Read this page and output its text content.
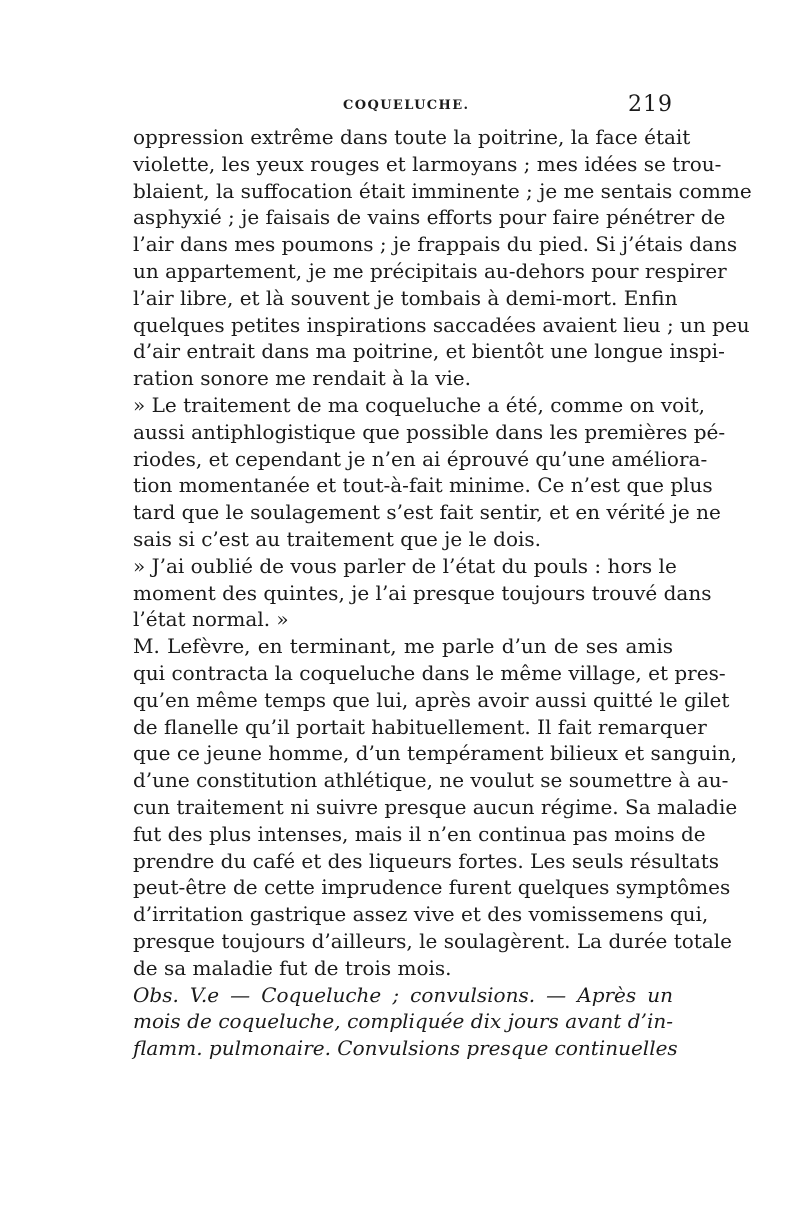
COQUELUCHE.	219
oppression extrême dans toute la poitrine, la face était
violette, les yeux rouges et larmoyans ; mes idées se trou-
blaient, la suffocation était imminente ; je me sentais comme
asphyxié ; je faisais de vains efforts pour faire pénétrer de
l’air dans mes poumons ; je frappais du pied. Si j’étais dans
un appartement, je me précipitais au-dehors pour respirer
l’air libre, et là souvent je tombais à demi-mort. Enfin
quelques petites inspirations saccadées avaient lieu ; un peu
d’air entrait dans ma poitrine, et bientôt une longue inspi-
ration sonore me rendait à la vie.
» Le traitement de ma coqueluche a été, comme on voit,
aussi antiphlogistique que possible dans les premières pé-
riodes, et cependant je n’en ai éprouvé qu’une améliora-
tion momentanée et tout-à-fait minime. Ce n’est que plus
tard que le soulagement s’est fait sentir, et en vérité je ne
sais si c’est au traitement que je le dois.
» J’ai oublié de vous parler de l’état du pouls : hors le
moment des quintes, je l’ai presque toujours trouvé dans
l’état normal. »
M. Lefèvre, en terminant, me parle d’un de ses amis
qui contracta la coqueluche dans le même village, et pres-
qu’en même temps que lui, après avoir aussi quitté le gilet
de flanelle qu’il portait habituellement. Il fait remarquer
que ce jeune homme, d’un tempérament bilieux et sanguin,
d’une constitution athlétique, ne voulut se soumettre à au-
cun traitement ni suivre presque aucun régime. Sa maladie
fut des plus intenses, mais il n’en continua pas moins de
prendre du café et des liqueurs fortes. Les seuls résultats
peut-être de cette imprudence furent quelques symptômes
d’irritation gastrique assez vive et des vomissemens qui,
presque toujours d’ailleurs, le soulagèrent. La durée totale
de sa maladie fut de trois mois.
Obs. V.e — Coqueluche ; convulsions. — Après un
mois de coqueluche, compliquée dix jours avant d’in-
flamm. pulmonaire. Convulsions presque continuelles
